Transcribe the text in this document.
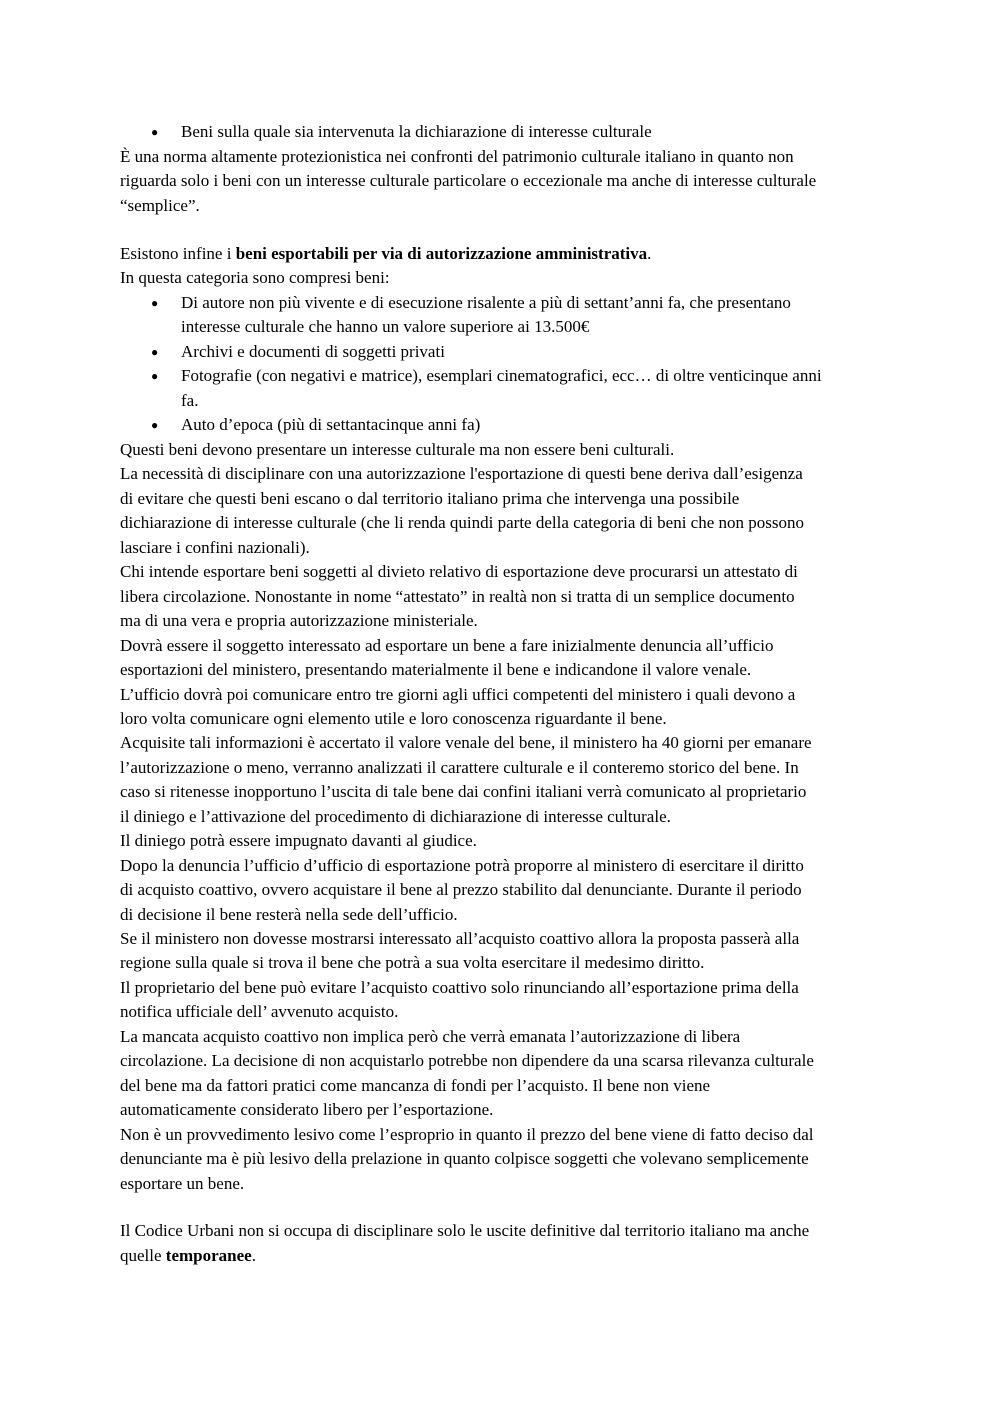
● Beni sulla quale sia intervenuta la dichiarazione di interesse culturale
È una norma altamente protezionistica nei confronti del patrimonio culturale italiano in quanto non
riguarda solo i beni con un interesse culturale particolare o eccezionale ma anche di interesse culturale
“semplice”.
Esistono infine i beni esportabili per via di autorizzazione amministrativa.
In questa categoria sono compresi beni:
● Di autore non più vivente e di esecuzione risalente a più di settant’anni fa, che presentano
interesse culturale che hanno un valore superiore ai 13.500€
● Archivi e documenti di soggetti privati
● Fotografie (con negativi e matrice), esemplari cinematografici, ecc… di oltre venticinque anni
fa.
● Auto d’epoca (più di settantacinque anni fa)
Questi beni devono presentare un interesse culturale ma non essere beni culturali.
La necessità di disciplinare con una autorizzazione l'esportazione di questi bene deriva dall’esigenza
di evitare che questi beni escano o dal territorio italiano prima che intervenga una possibile
dichiarazione di interesse culturale (che li renda quindi parte della categoria di beni che non possono
lasciare i confini nazionali).
Chi intende esportare beni soggetti al divieto relativo di esportazione deve procurarsi un attestato di
libera circolazione. Nonostante in nome “attestato” in realtà non si tratta di un semplice documento
ma di una vera e propria autorizzazione ministeriale.
Dovrà essere il soggetto interessato ad esportare un bene a fare inizialmente denuncia all’ufficio
esportazioni del ministero, presentando materialmente il bene e indicandone il valore venale.
L’ufficio dovrà poi comunicare entro tre giorni agli uffici competenti del ministero i quali devono a
loro volta comunicare ogni elemento utile e loro conoscenza riguardante il bene.
Acquisite tali informazioni è accertato il valore venale del bene, il ministero ha 40 giorni per emanare
l’autorizzazione o meno, verranno analizzati il carattere culturale e il conteremo storico del bene. In
caso si ritenesse inopportuno l’uscita di tale bene dai confini italiani verrà comunicato al proprietario
il diniego e l’attivazione del procedimento di dichiarazione di interesse culturale.
Il diniego potrà essere impugnato davanti al giudice.
Dopo la denuncia l’ufficio d’ufficio di esportazione potrà proporre al ministero di esercitare il diritto
di acquisto coattivo, ovvero acquistare il bene al prezzo stabilito dal denunciante. Durante il periodo
di decisione il bene resterà nella sede dell’ufficio.
Se il ministero non dovesse mostrarsi interessato all’acquisto coattivo allora la proposta passerà alla
regione sulla quale si trova il bene che potrà a sua volta esercitare il medesimo diritto.
Il proprietario del bene può evitare l’acquisto coattivo solo rinunciando all’esportazione prima della
notifica ufficiale dell’ avvenuto acquisto.
La mancata acquisto coattivo non implica però che verrà emanata l’autorizzazione di libera
circolazione. La decisione di non acquistarlo potrebbe non dipendere da una scarsa rilevanza culturale
del bene ma da fattori pratici come mancanza di fondi per l’acquisto. Il bene non viene
automaticamente considerato libero per l’esportazione.
Non è un provvedimento lesivo come l’esproprio in quanto il prezzo del bene viene di fatto deciso dal
denunciante ma è più lesivo della prelazione in quanto colpisce soggetti che volevano semplicemente
esportare un bene.
Il Codice Urbani non si occupa di disciplinare solo le uscite definitive dal territorio italiano ma anche
quelle temporanee.
